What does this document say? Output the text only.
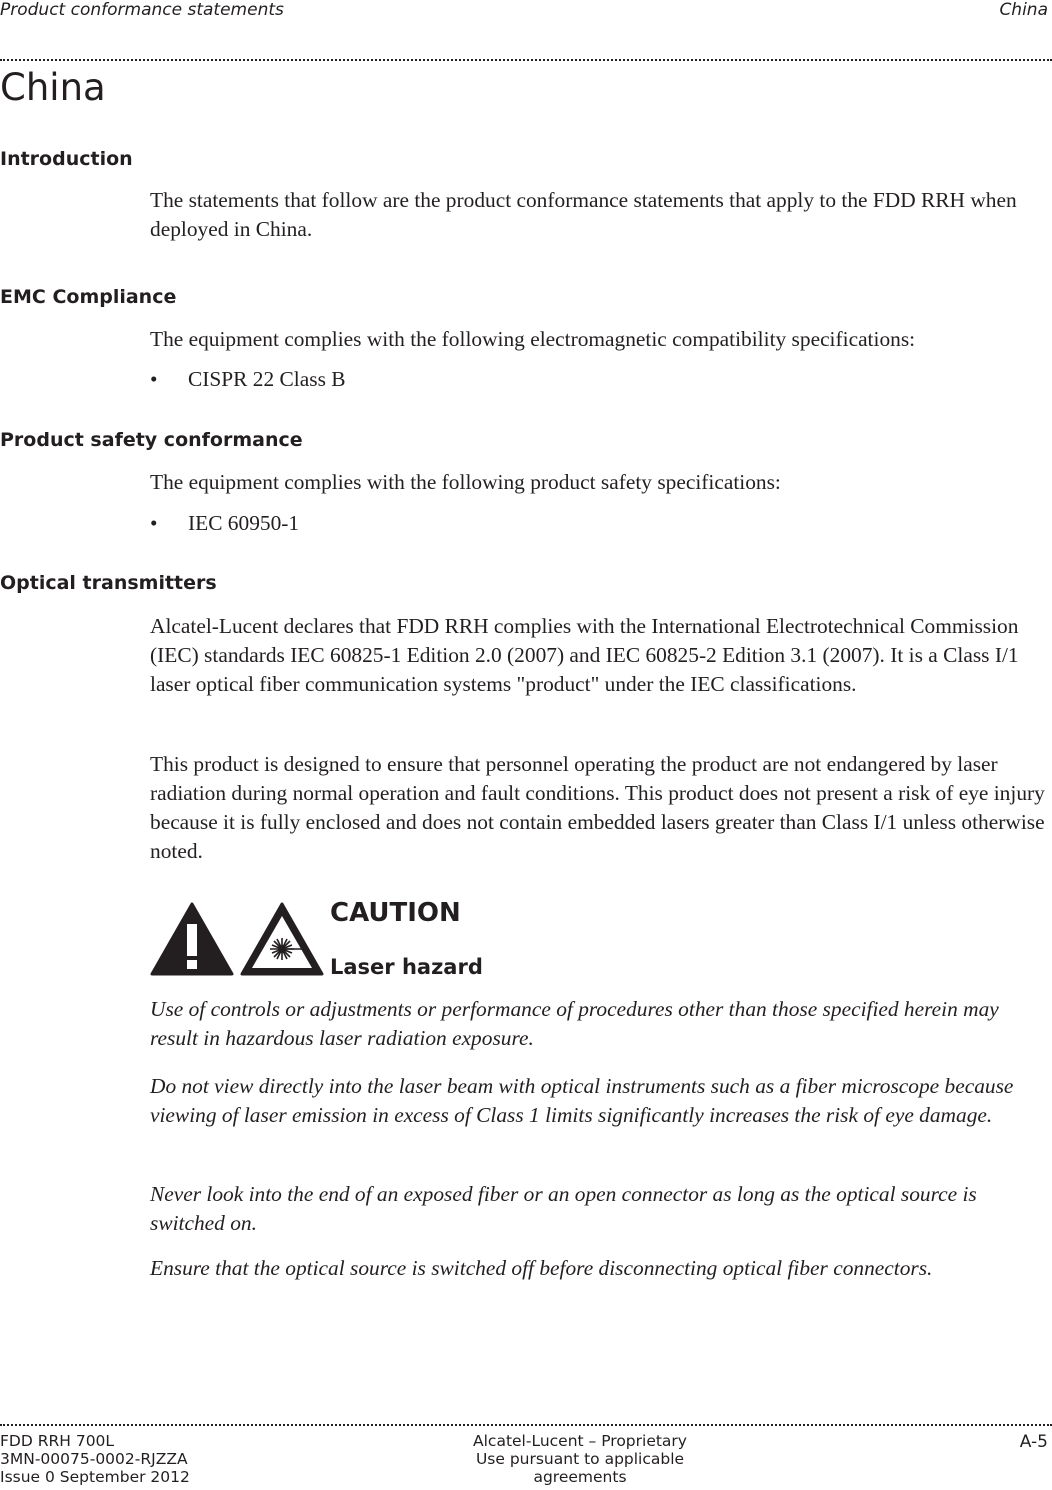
Product conformance statements	China
China
Introduction

The statements that follow are the product conformance statements that apply to the FDD RRH when deployed in China.

EMC Compliance

The equipment complies with the following electromagnetic compatibility specifications:

• CISPR 22 Class B
Product safety conformance

The equipment complies with the following product safety specifications:

• IEC 60950-1
Optical transmitters

Alcatel-Lucent declares that FDD RRH complies with the International Electrotechnical Commission (IEC) standards IEC 60825-1 Edition 2.0 (2007) and IEC 60825-2 Edition 3.1 (2007). It is a Class I/1 laser optical fiber communication systems "product" under the IEC classifications.

This product is designed to ensure that personnel operating the product are not endangered by laser radiation during normal operation and fault conditions. This product does not present a risk of eye injury because it is fully enclosed and does not contain embedded lasers greater than Class I/1 unless otherwise noted.

CAUTION
Laser hazard

Use of controls or adjustments or performance of procedures other than those specified herein may result in hazardous laser radiation exposure.

Do not view directly into the laser beam with optical instruments such as a fiber microscope because viewing of laser emission in excess of Class 1 limits significantly increases the risk of eye damage.

Never look into the end of an exposed fiber or an open connector as long as the optical source is switched on.

Ensure that the optical source is switched off before disconnecting optical fiber connectors.

FDD RRH 700L
3MN-00075-0002-RJZZA
Issue 0 September 2012
Alcatel-Lucent – Proprietary
Use pursuant to applicable agreements
A-5
